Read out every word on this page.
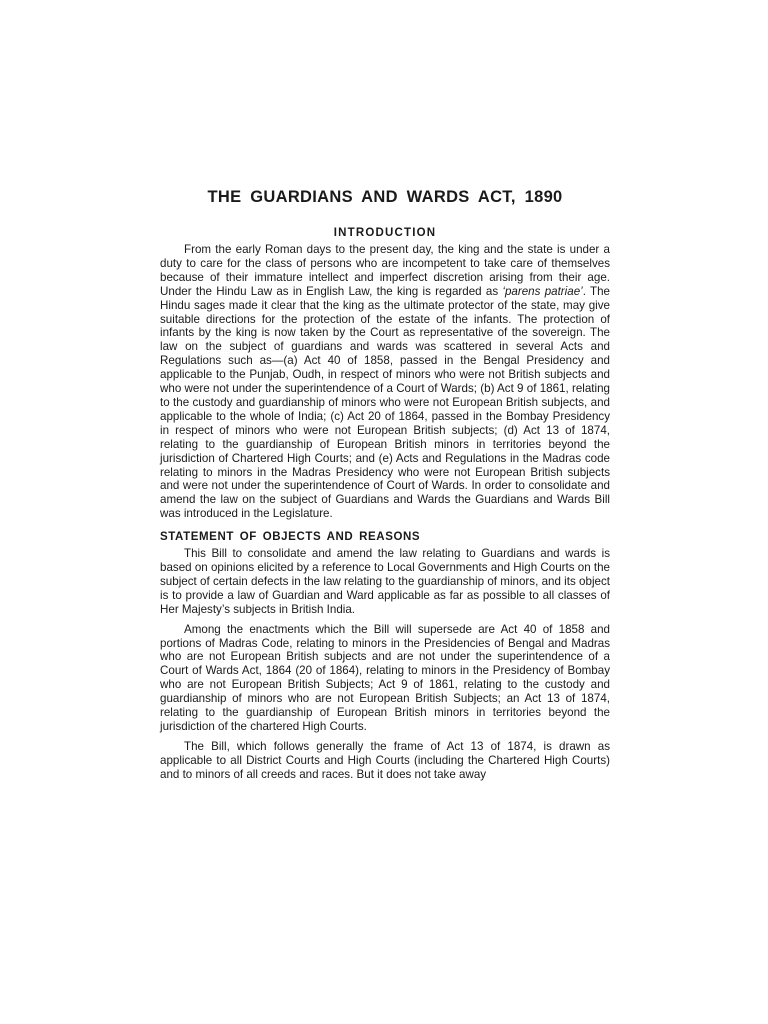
THE GUARDIANS AND WARDS ACT, 1890
INTRODUCTION

From the early Roman days to the present day, the king and the state is under a duty to care for the class of persons who are incompetent to take care of themselves because of their immature intellect and imperfect discretion arising from their age. Under the Hindu Law as in English Law, the king is regarded as ‘parens patriae’. The Hindu sages made it clear that the king as the ultimate protector of the state, may give suitable directions for the protection of the estate of the infants. The protection of infants by the king is now taken by the Court as representative of the sovereign. The law on the subject of guardians and wards was scattered in several Acts and Regulations such as—(a) Act 40 of 1858, passed in the Bengal Presidency and applicable to the Punjab, Oudh, in respect of minors who were not British subjects and who were not under the superintendence of a Court of Wards; (b) Act 9 of 1861, relating to the custody and guardianship of minors who were not European British subjects, and applicable to the whole of India; (c) Act 20 of 1864, passed in the Bombay Presidency in respect of minors who were not European British subjects; (d) Act 13 of 1874, relating to the guardianship of European British minors in territories beyond the jurisdiction of Chartered High Courts; and (e) Acts and Regulations in the Madras code relating to minors in the Madras Presidency who were not European British subjects and were not under the superintendence of Court of Wards. In order to consolidate and amend the law on the subject of Guardians and Wards the Guardians and Wards Bill was introduced in the Legislature.

STATEMENT OF OBJECTS AND REASONS

This Bill to consolidate and amend the law relating to Guardians and wards is based on opinions elicited by a reference to Local Governments and High Courts on the subject of certain defects in the law relating to the guardianship of minors, and its object is to provide a law of Guardian and Ward applicable as far as possible to all classes of Her Majesty’s subjects in British India.

Among the enactments which the Bill will supersede are Act 40 of 1858 and portions of Madras Code, relating to minors in the Presidencies of Bengal and Madras who are not European British subjects and are not under the superintendence of a Court of Wards Act, 1864 (20 of 1864), relating to minors in the Presidency of Bombay who are not European British Subjects; Act 9 of 1861, relating to the custody and guardianship of minors who are not European British Subjects; an Act 13 of 1874, relating to the guardianship of European British minors in territories beyond the jurisdiction of the chartered High Courts.

The Bill, which follows generally the frame of Act 13 of 1874, is drawn as applicable to all District Courts and High Courts (including the Chartered High Courts) and to minors of all creeds and races. But it does not take away
